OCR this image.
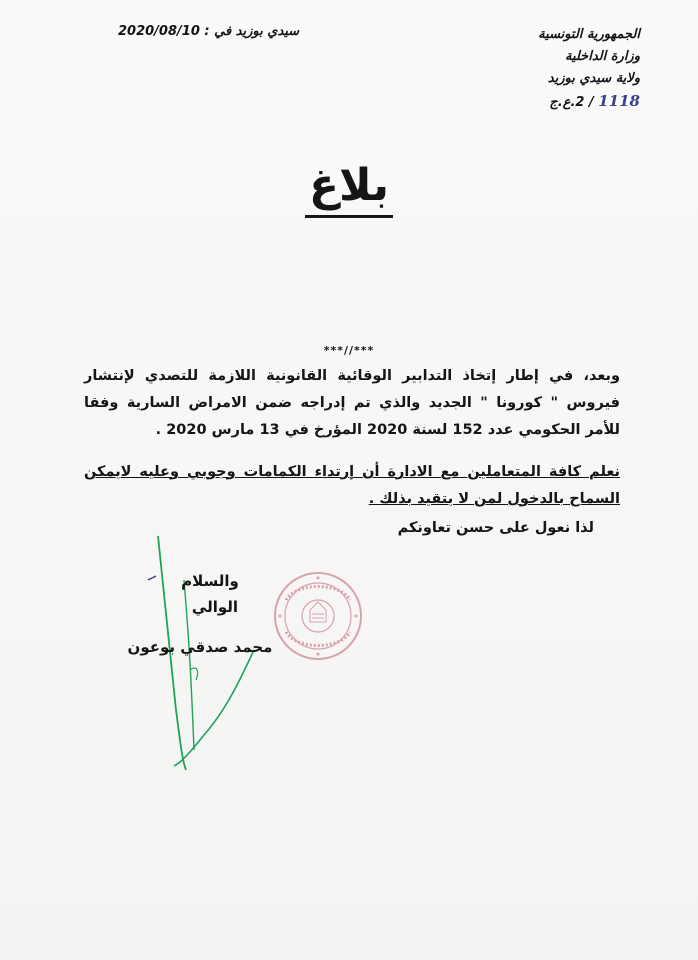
الجمهورية التونسية
وزارة الداخلية
ولاية سيدي بوزيد
1118 / 2.ع.ج
سيدي بوزيد في : 2020/08/10
بلاغ
***//***
وبعد، في إطار إتخاذ التدابير الوقائية القانونية اللازمة للتصدي لإنتشار فيروس " كورونا " الجديد والذي تم إدراجه ضمن الامراض السارية وفقا للأمر الحكومي عدد 152 لسنة 2020 المؤرخ في 13 مارس 2020 .
نعلم كافة المتعاملين مع الادارة أن إرتداء الكمامات وجوبي وعليه لايمكن السماح بالدخول لمن لا يتقيد بذلك .
لذا نعول على حسن تعاونكم
والسلام
الوالي
محمد صدقي بوعون
